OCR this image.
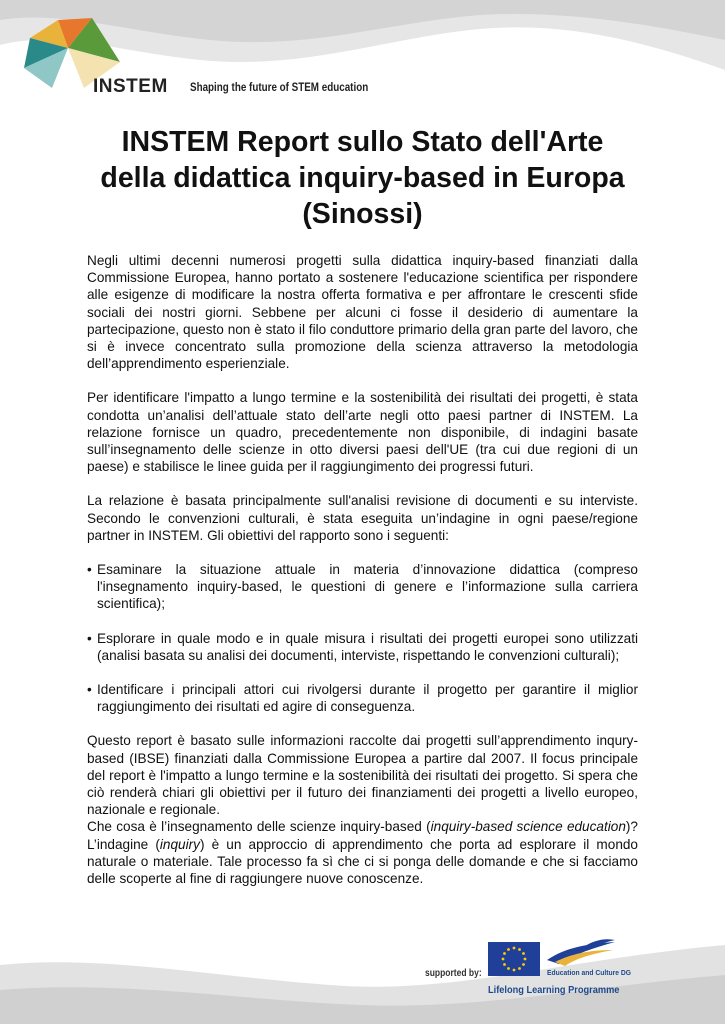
INSTEM Shaping the future of STEM education
INSTEM Report sullo Stato dell'Arte della didattica inquiry-based in Europa (Sinossi)

Negli ultimi decenni numerosi progetti sulla didattica inquiry-based finanziati dalla Commissione Europea, hanno portato a sostenere l'educazione scientifica per rispondere alle esigenze di modificare la nostra offerta formativa e per affrontare le crescenti sfide sociali dei nostri giorni. Sebbene per alcuni ci fosse il desiderio di aumentare la partecipazione, questo non è stato il filo conduttore primario della gran parte del lavoro, che si è invece concentrato sulla promozione della scienza attraverso la metodologia dell’apprendimento esperienziale.

Per identificare l'impatto a lungo termine e la sostenibilità dei risultati dei progetti, è stata condotta un’analisi dell’attuale stato dell’arte negli otto paesi partner di INSTEM. La relazione fornisce un quadro, precedentemente non disponibile, di indagini basate sull’insegnamento delle scienze in otto diversi paesi dell'UE (tra cui due regioni di un paese) e stabilisce le linee guida per il raggiungimento dei progressi futuri.

La relazione è basata principalmente sull'analisi revisione di documenti e su interviste. Secondo le convenzioni culturali, è stata eseguita un’indagine in ogni paese/regione partner in INSTEM. Gli obiettivi del rapporto sono i seguenti:

• Esaminare la situazione attuale in materia d’innovazione didattica (compreso l'insegnamento inquiry-based, le questioni di genere e l’informazione sulla carriera scientifica);
• Esplorare in quale modo e in quale misura i risultati dei progetti europei sono utilizzati (analisi basata su analisi dei documenti, interviste, rispettando le convenzioni culturali);
• Identificare i principali attori cui rivolgersi durante il progetto per garantire il miglior raggiungimento dei risultati ed agire di conseguenza.

Questo report è basato sulle informazioni raccolte dai progetti sull’apprendimento inqury-based (IBSE) finanziati dalla Commissione Europea a partire dal 2007. Il focus principale del report è l'impatto a lungo termine e la sostenibilità dei risultati dei progetto. Si spera che ciò renderà chiari gli obiettivi per il futuro dei finanziamenti dei progetti a livello europeo, nazionale e regionale.

Che cosa è l’insegnamento delle scienze inquiry-based (inquiry-based science education)? L’indagine (inquiry) è un approccio di apprendimento che porta ad esplorare il mondo naturale o materiale. Tale processo fa sì che ci si ponga delle domande e che si facciamo delle scoperte al fine di raggiungere nuove conoscenze.

supported by:	Education and Culture DG
Lifelong Learning Programme
